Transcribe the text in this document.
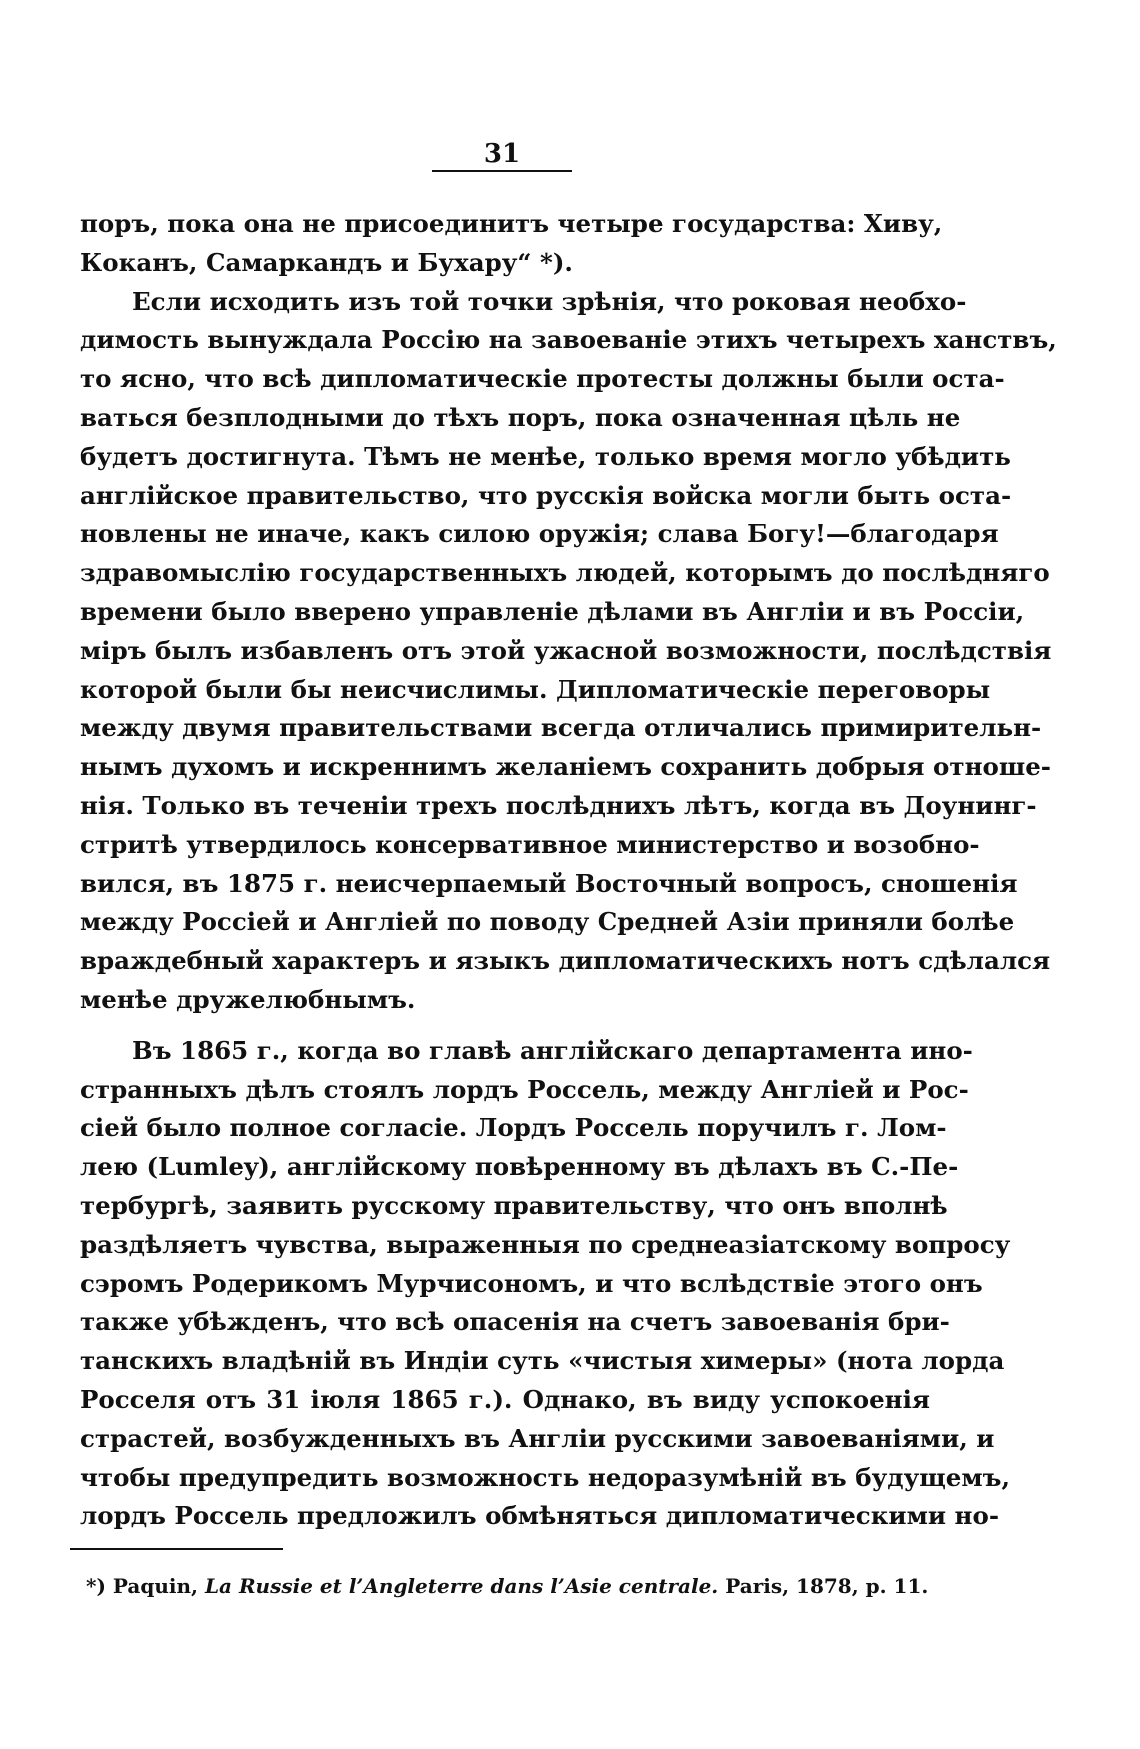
31
поръ, пока она не присоединитъ четыре государства: Хиву,
Коканъ, Самаркандъ и Бухару“ *).
Если исходить изъ той точки зрѣнія, что роковая необхо-
димость вынуждала Россію на завоеваніе этихъ четырехъ ханствъ,
то ясно, что всѣ дипломатическіе протесты должны были оста-
ваться безплодными до тѣхъ поръ, пока означенная цѣль не
будетъ достигнута. Тѣмъ не менѣе, только время могло убѣдить
англійское правительство, что русскія войска могли быть оста-
новлены не иначе, какъ силою оружія; слава Богу!—благодаря
здравомыслію государственныхъ людей, которымъ до послѣдняго
времени было вверено управленіе дѣлами въ Англіи и въ Россіи,
міръ былъ избавленъ отъ этой ужасной возможности, послѣдствія
которой были бы неисчислимы. Дипломатическіе переговоры
между двумя правительствами всегда отличались примирительн-
нымъ духомъ и искреннимъ желаніемъ сохранить добрыя отноше-
нія. Только въ теченіи трехъ послѣднихъ лѣтъ, когда въ Доунинг-
стритѣ утвердилось консервативное министерство и возобно-
вился, въ 1875 г. неисчерпаемый Восточный вопросъ, сношенія
между Россіей и Англіей по поводу Средней Азіи приняли болѣе
враждебный характеръ и языкъ дипломатическихъ нотъ сдѣлался
менѣе дружелюбнымъ.
Въ 1865 г., когда во главѣ англійскаго департамента ино-
странныхъ дѣлъ стоялъ лордъ Россель, между Англіей и Рос-
сіей было полное согласіе. Лордъ Россель поручилъ г. Лом-
лею (Lumley), англійскому повѣренному въ дѣлахъ въ С.-Пе-
тербургѣ, заявить русскому правительству, что онъ вполнѣ
раздѣляетъ чувства, выраженныя по среднеазіатскому вопросу
сэромъ Родерикомъ Мурчисономъ, и что вслѣдствіе этого онъ
также убѣжденъ, что всѣ опасенія на счетъ завоеванія бри-
танскихъ владѣній въ Индіи суть «чистыя химеры» (нота лорда
Росселя отъ 31 іюля 1865 г.). Однако, въ виду успокоенія
страстей, возбужденныхъ въ Англіи русскими завоеваніями, и
чтобы предупредить возможность недоразумѣній въ будущемъ,
лордъ Россель предложилъ обмѣняться дипломатическими но-
*) Paquin, La Russie et l’Angleterre dans l’Asie centrale. Paris, 1878, p. 11.
